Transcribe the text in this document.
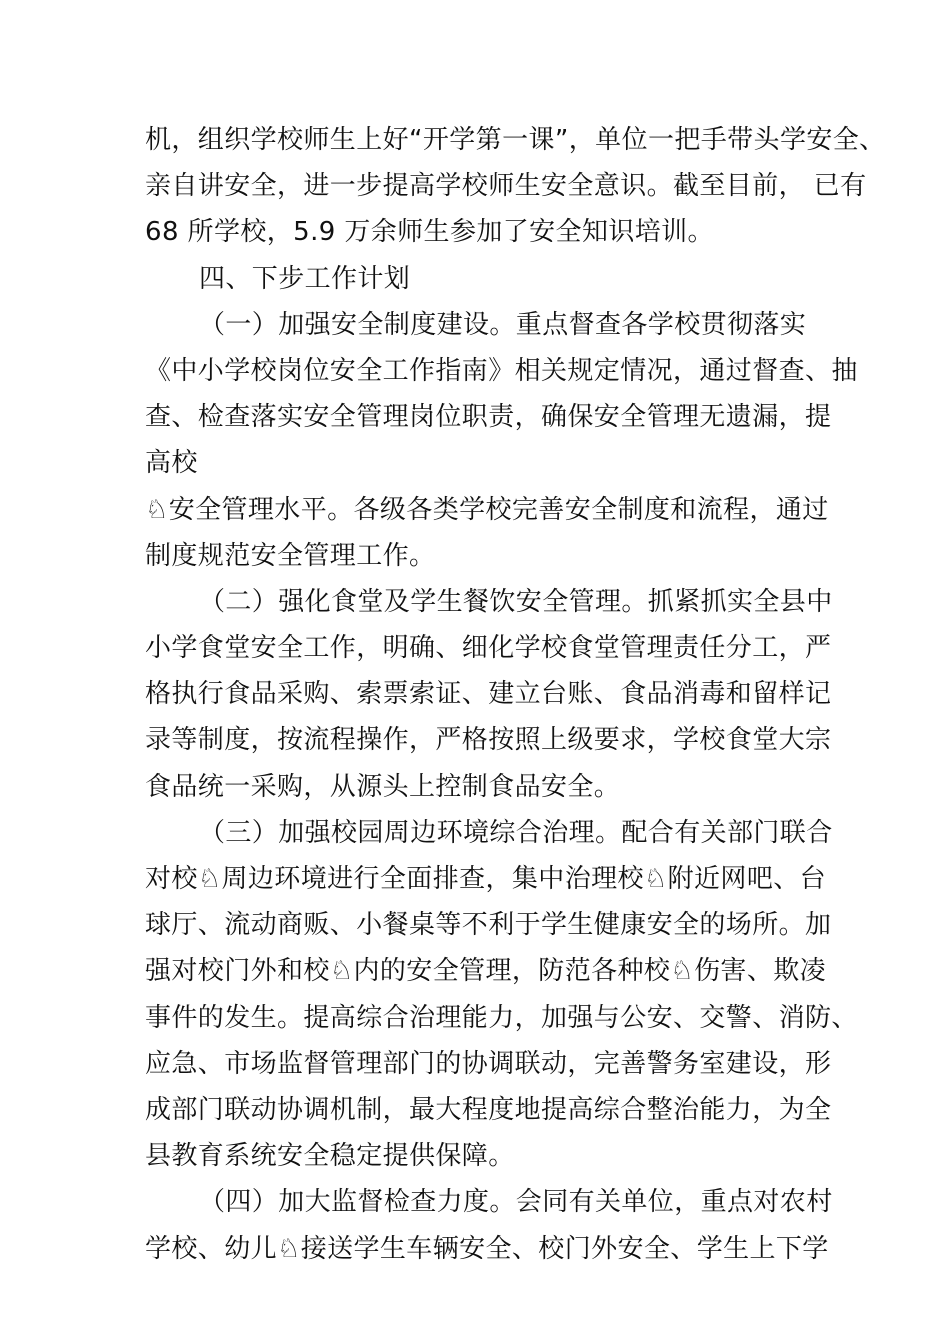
机，组织学校师生上好“开学第一课”，单位一把手带头学安全、
亲自讲安全，进一步提高学校师生安全意识。截至目前， 已有
68 所学校，5.9 万余师生参加了安全知识培训。
四、下步工作计划
（一）加强安全制度建设。重点督查各学校贯彻落实
《中小学校岗位安全工作指南》相关规定情况，通过督查、抽
查、检查落实安全管理岗位职责，确保安全管理无遗漏，提
高校
♘安全管理水平。各级各类学校完善安全制度和流程，通过
制度规范安全管理工作。
（二）强化食堂及学生餐饮安全管理。抓紧抓实全县中
小学食堂安全工作，明确、细化学校食堂管理责任分工，严
格执行食品采购、索票索证、建立台账、食品消毒和留样记
录等制度，按流程操作，严格按照上级要求，学校食堂大宗
食品统一采购，从源头上控制食品安全。
（三）加强校园周边环境综合治理。配合有关部门联合
对校♘周边环境进行全面排查，集中治理校♘附近网吧、台
球厅、流动商贩、小餐桌等不利于学生健康安全的场所。加
强对校门外和校♘内的安全管理，防范各种校♘伤害、欺凌
事件的发生。提高综合治理能力，加强与公安、交警、消防、
应急、市场监督管理部门的协调联动，完善警务室建设，形
成部门联动协调机制，最大程度地提高综合整治能力，为全
县教育系统安全稳定提供保障。
（四）加大监督检查力度。会同有关单位，重点对农村
学校、幼儿♘接送学生车辆安全、校门外安全、学生上下学
